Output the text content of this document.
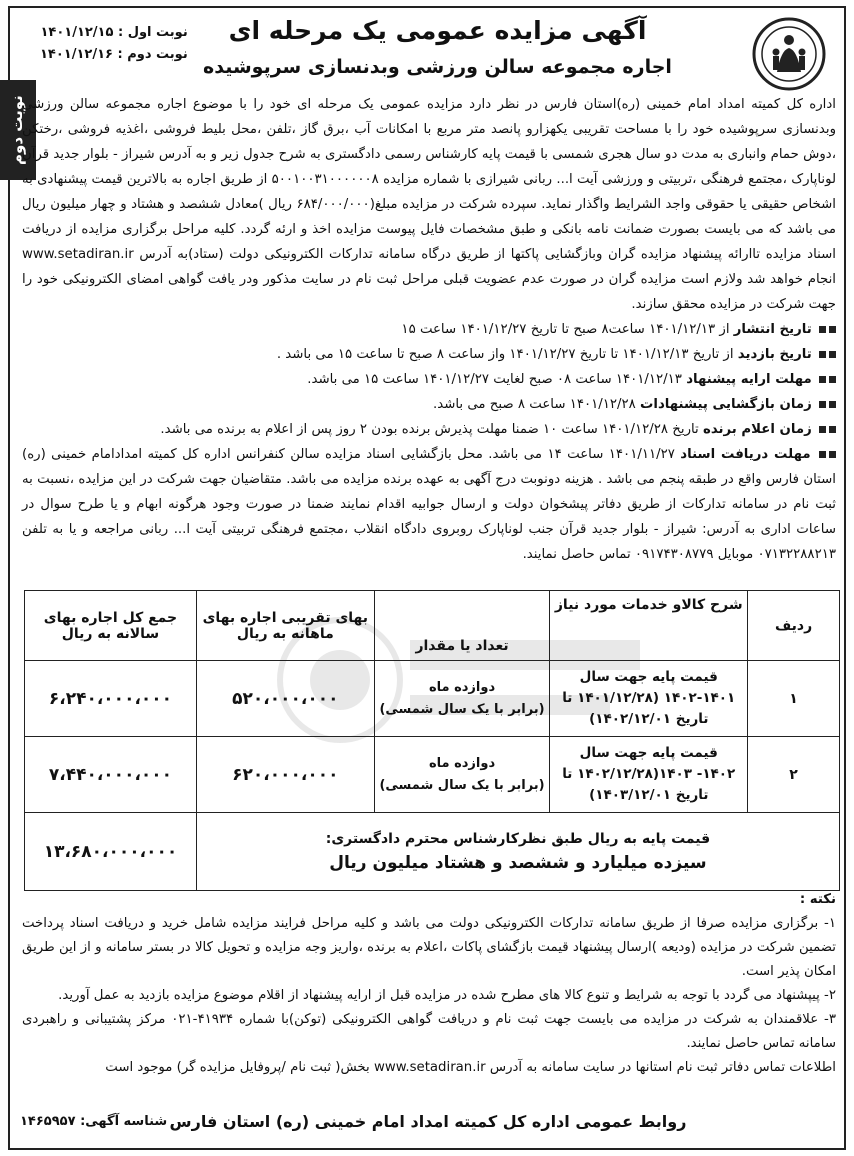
نوبت دوم
آگهی مزایده عمومی یک مرحله ای
اجاره مجموعه سالن ورزشی وبدنسازی سرپوشیده
نوبت اول : ۱۴۰۱/۱۲/۱۵
نوبت دوم : ۱۴۰۱/۱۲/۱۶

اداره کل کمیته امداد امام خمینی (ره)استان فارس در نظر دارد مزایده عمومی یک مرحله ای خود را با موضوع اجاره مجموعه سالن ورزشی وبدنسازی سرپوشیده خود را با مساحت تقریبی یکهزارو پانصد متر مربع با امکانات آب ،برق گاز ،تلفن ،محل بلیط فروشی ،اغذیه فروشی ،رختکن ،دوش حمام وانباری به مدت دو سال هجری شمسی با قیمت پایه کارشناس رسمی دادگستری به شرح جدول زیر و به آدرس شیراز - بلوار جدید قرآن لوناپارک ،مجتمع فرهنگی ،تربیتی و ورزشی آیت ا... ربانی شیرازی با شماره مزایده ۵۰۰۱۰۰۳۱۰۰۰۰۰۰۸ از طریق اجاره به بالاترین قیمت پیشنهادی به اشخاص حقیقی یا حقوقی واجد الشرایط واگذار نماید. سپرده شرکت در مزایده مبلغ(۶۸۴/۰۰۰/۰۰۰ ریال )معادل ششصد و هشتاد و چهار میلیون ریال می باشد که می بایست بصورت ضمانت نامه بانکی و طبق مشخصات فایل پیوست مزایده اخذ و ارئه گردد. کلیه مراحل برگزاری مزایده از دریافت اسناد مزایده تاارائه پیشنهاد مزایده گران وبازگشایی پاکتها از طریق درگاه سامانه تدارکات الکترونیکی دولت (ستاد)به آدرس www.setadiran.ir انجام خواهد شد ولازم است مزایده گران در صورت عدم عضویت قبلی مراحل ثبت نام در سایت مذکور ودر یافت گواهی امضای الکترونیکی خود را جهت شرکت در مزایده محقق سازند.

تاریخ انتشار از ۱۴۰۱/۱۲/۱۳ ساعت۸ صبح تا تاریخ ۱۴۰۱/۱۲/۲۷ ساعت ۱۵

تاریخ بازدید از تاریخ ۱۴۰۱/۱۲/۱۳ تا تاریخ ۱۴۰۱/۱۲/۲۷ واز ساعت ۸ صبح تا ساعت ۱۵ می باشد .

مهلت ارایه پیشنهاد ۱۴۰۱/۱۲/۱۳ ساعت ۰۸ صبح لغایت ۱۴۰۱/۱۲/۲۷ ساعت ۱۵ می باشد.

زمان بازگشایی پیشنهادات ۱۴۰۱/۱۲/۲۸ ساعت ۸ صبح می باشد.

زمان اعلام برنده تاریخ ۱۴۰۱/۱۲/۲۸ ساعت ۱۰ ضمنا مهلت پذیرش برنده بودن ۲ روز پس از اعلام به برنده می باشد.

مهلت دریافت اسناد ۱۴۰۱/۱۱/۲۷ ساعت ۱۴ می باشد. محل بازگشایی اسناد مزایده سالن کنفرانس اداره کل کمیته امدادامام خمینی (ره) استان فارس واقع در طبقه پنجم می باشد . هزینه دونوبت درج آگهی به عهده برنده مزایده می باشد. متقاضیان جهت شرکت در این مزایده ،نسبت به ثبت نام در سامانه تدارکات از طریق دفاتر پیشخوان دولت و ارسال جوابیه اقدام نمایند ضمنا در صورت وجود هرگونه ابهام و یا طرح سوال در ساعات اداری به آدرس: شیراز - بلوار جدید قرآن جنب لوناپارک روبروی دادگاه انقلاب ،مجتمع فرهنگی تربیتی آیت ا... ربانی مراجعه و یا به تلفن ۰۷۱۳۲۲۸۸۲۱۳ موبایل ۰۹۱۷۴۳۰۸۷۷۹ تماس حاصل نمایند.

ردیف	شرح کالاو خدمات مورد نیاز	تعداد یا مقدار	بهای تقریبی اجاره بهای ماهانه به ریال	جمع کل اجاره بهای سالانه به ریال
۱	قیمت پایه جهت سال ۱۴۰۱-۱۴۰۲ (۱۴۰۱/۱۲/۲۸ تا تاریخ ۱۴۰۲/۱۲/۰۱)	دوازده ماه
(برابر با یک سال شمسی)	۵۲۰،۰۰۰،۰۰۰	۶،۲۴۰،۰۰۰،۰۰۰
۲	قیمت پایه جهت سال ۱۴۰۲- ۱۴۰۳(۱۴۰۲/۱۲/۲۸ تا تاریخ ۱۴۰۳/۱۲/۰۱)	دوازده ماه
(برابر با یک سال شمسی)	۶۲۰،۰۰۰،۰۰۰	۷،۴۴۰،۰۰۰،۰۰۰

قیمت پایه به ریال طبق نظرکارشناس محترم دادگستری:
سیزده میلیارد و ششصد و هشتاد میلیون ریال				۱۳،۶۸۰،۰۰۰،۰۰۰

نکته :

۱- برگزاری مزایده صرفا از طریق سامانه تدارکات الکترونیکی دولت می باشد و کلیه مراحل فرایند مزایده شامل خرید و دریافت اسناد پرداخت تضمین شرکت در مزایده (ودیعه )ارسال پیشنهاد قیمت بازگشای پاکات ،اعلام به برنده ،واریز وجه مزایده و تحویل کالا در بستر سامانه و از این طریق امکان پذیر است.

۲- پیپشنهاد می گردد با توجه به شرایط و تنوع کالا های مطرح شده در مزایده قبل از ارایه پیشنهاد از اقلام موضوع مزایده بازدید به عمل آورید.

۳- علاقمندان به شرکت در مزایده می بایست جهت ثبت نام و دریافت گواهی الکترونیکی (توکن)با شماره ۴۱۹۳۴-۰۲۱ مرکز پشتیبانی و راهبردی سامانه تماس حاصل نمایند.

اطلاعات تماس دفاتر ثبت نام استانها در سایت سامانه به آدرس www.setadiran.ir بخش( ثبت نام /پروفایل مزایده گر) موجود است

روابط عمومی اداره کل کمیته امداد امام خمینی (ره) استان فارس
شناسه آگهی: ۱۴۶۵۹۵۷
